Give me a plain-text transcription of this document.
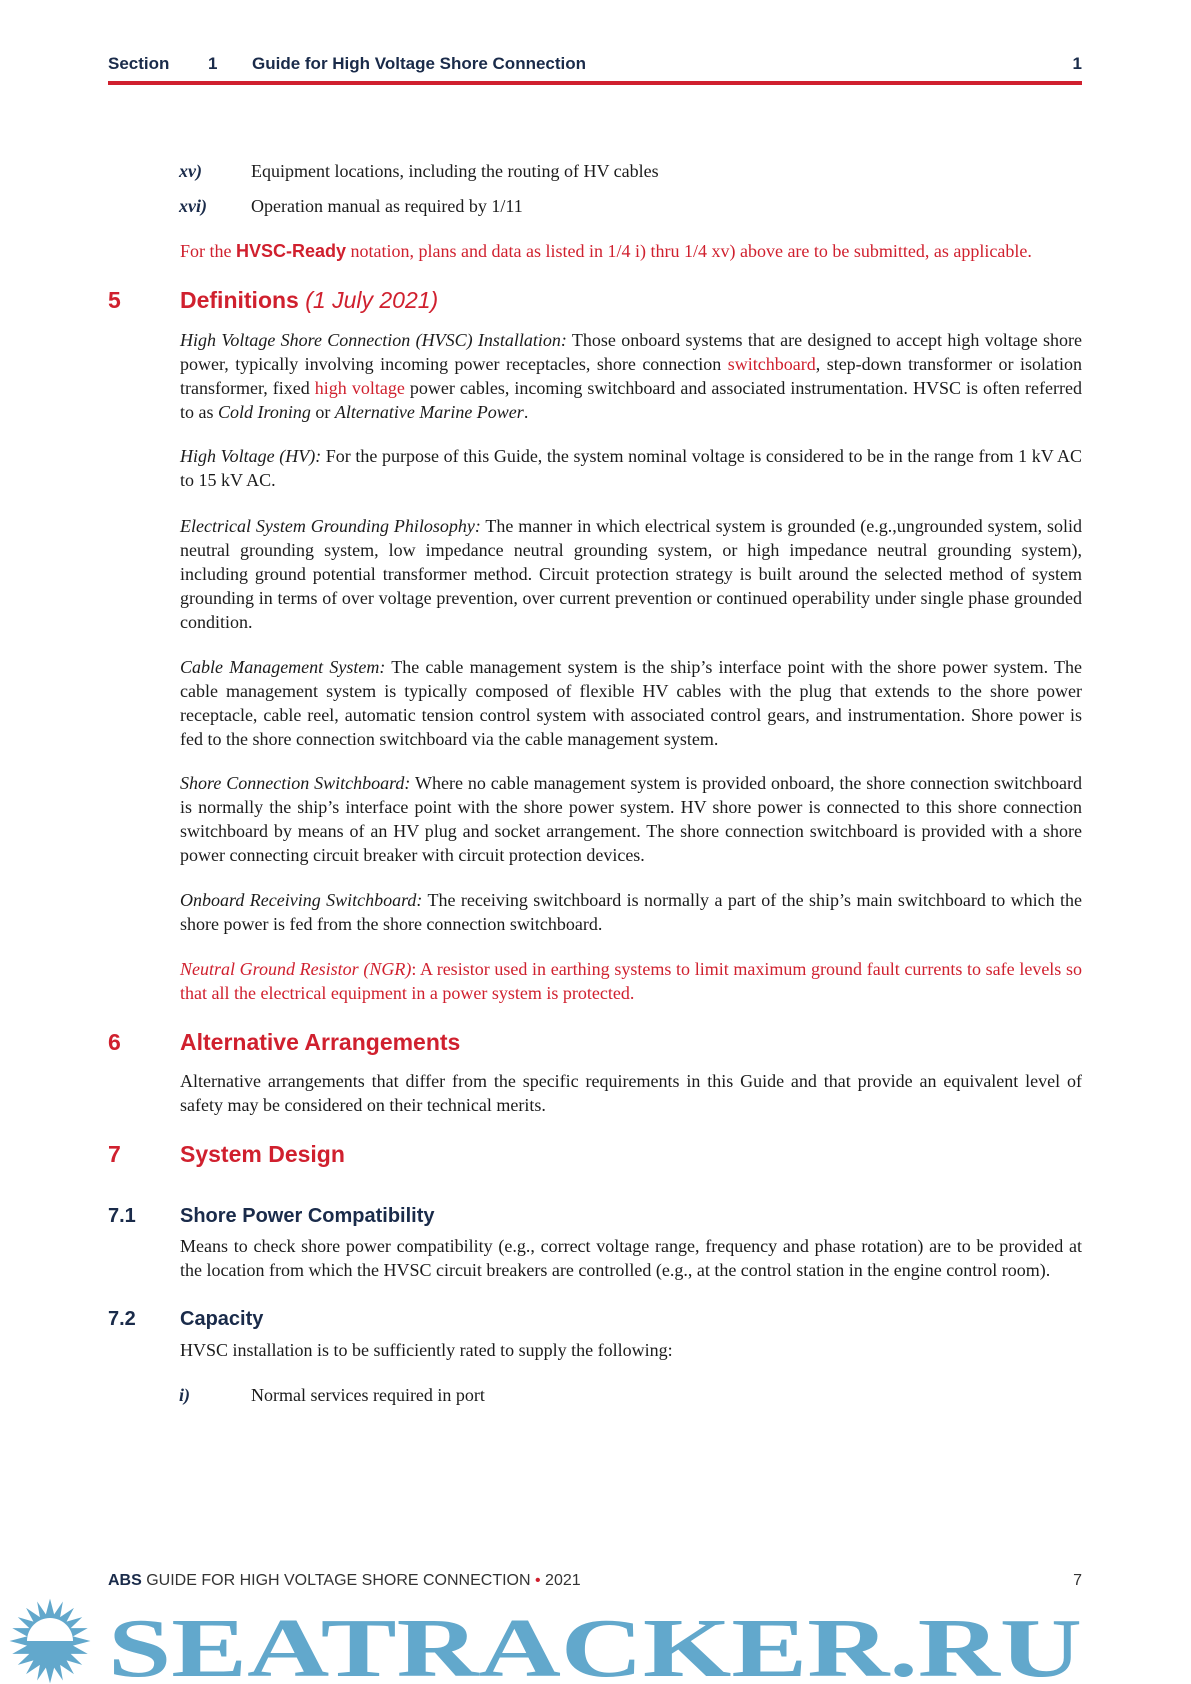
Section 1 Guide for High Voltage Shore Connection	1
xv)	Equipment locations, including the routing of HV cables
xvi) Operation manual as required by 1/11
For the HVSC-Ready notation, plans and data as listed in 1/4 i) thru 1/4 xv) above are to be submitted, as applicable.
5	Definitions (1 July 2021)
High Voltage Shore Connection (HVSC) Installation: Those onboard systems that are designed to accept high voltage shore power, typically involving incoming power receptacles, shore connection switchboard, step-down transformer or isolation transformer, fixed high voltage power cables, incoming switchboard and associated instrumentation. HVSC is often referred to as Cold Ironing or Alternative Marine Power.
High Voltage (HV): For the purpose of this Guide, the system nominal voltage is considered to be in the range from 1 kV AC to 15 kV AC.
Electrical System Grounding Philosophy: The manner in which electrical system is grounded (e.g.,ungrounded system, solid neutral grounding system, low impedance neutral grounding system, or high impedance neutral grounding system), including ground potential transformer method. Circuit protection strategy is built around the selected method of system grounding in terms of over voltage prevention, over current prevention or continued operability under single phase grounded condition.
Cable Management System: The cable management system is the ship’s interface point with the shore power system. The cable management system is typically composed of flexible HV cables with the plug that extends to the shore power receptacle, cable reel, automatic tension control system with associated control gears, and instrumentation. Shore power is fed to the shore connection switchboard via the cable management system.
Shore Connection Switchboard: Where no cable management system is provided onboard, the shore connection switchboard is normally the ship’s interface point with the shore power system. HV shore power is connected to this shore connection switchboard by means of an HV plug and socket arrangement. The shore connection switchboard is provided with a shore power connecting circuit breaker with circuit protection devices.
Onboard Receiving Switchboard: The receiving switchboard is normally a part of the ship’s main switchboard to which the shore power is fed from the shore connection switchboard.
Neutral Ground Resistor (NGR): A resistor used in earthing systems to limit maximum ground fault currents to safe levels so that all the electrical equipment in a power system is protected.
6	Alternative Arrangements
Alternative arrangements that differ from the specific requirements in this Guide and that provide an equivalent level of safety may be considered on their technical merits.
7	System Design
7.1 Shore Power Compatibility
Means to check shore power compatibility (e.g., correct voltage range, frequency and phase rotation) are to be provided at the location from which the HVSC circuit breakers are controlled (e.g., at the control station in the engine control room).
7.2 Capacity
HVSC installation is to be sufficiently rated to supply the following:
i)	Normal services required in port
ABS GUIDE FOR HIGH VOLTAGE SHORE CONNECTION • 2021	7
SEATRACKER.RU
